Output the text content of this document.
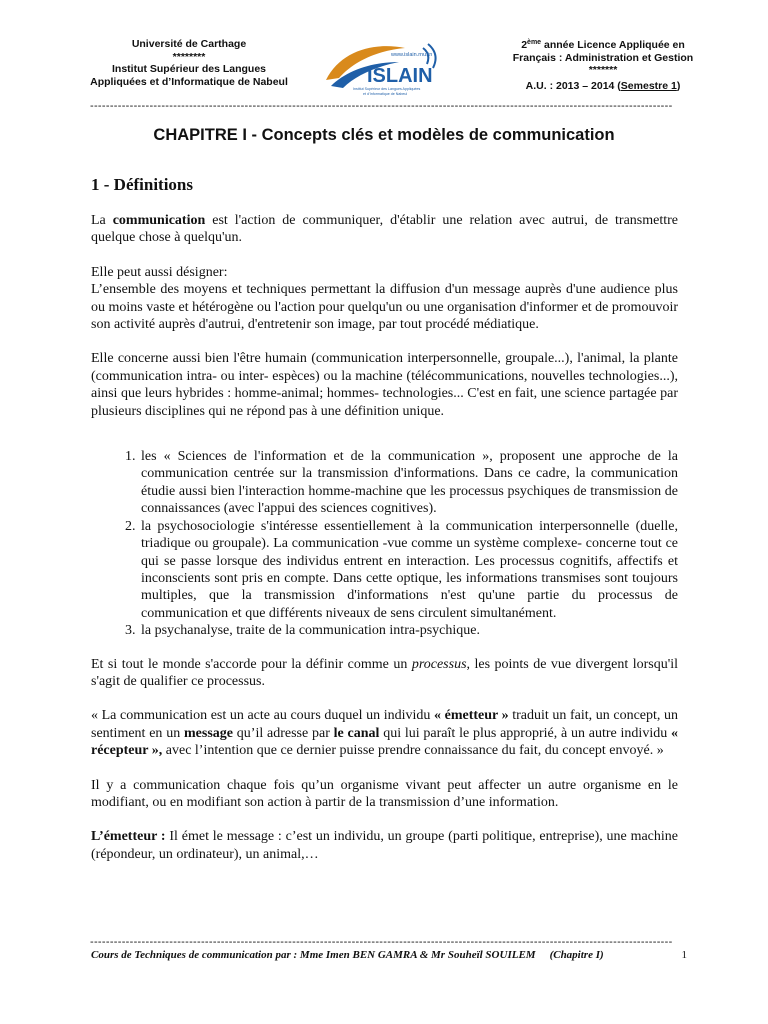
Université de Carthage
********
Institut Supérieur des Langues
Appliquées et d’Informatique de Nabeul
www.islain.rnu.tn
ISLAIN
Institut Supérieur des Langues Appliquées
et d’Informatique de Nabeul
2ème année Licence Appliquée en
Français : Administration et Gestion
*******
A.U. : 2013 – 2014 (Semestre 1)
---------------------------------------------------------------------------------------------------------------------------------------------------
CHAPITRE I - Concepts clés et modèles de communication
1 - Définitions

La communication est l'action de communiquer, d'établir une relation avec autrui, de transmettre quelque chose à quelqu'un.

Elle peut aussi désigner:
L’ensemble des moyens et techniques permettant la diffusion d'un message auprès d'une audience plus ou moins vaste et hétérogène ou l'action pour quelqu'un ou une organisation d'informer et de promouvoir son activité auprès d'autrui, d'entretenir son image, par tout procédé médiatique.

Elle concerne aussi bien l'être humain (communication interpersonnelle, groupale...), l'animal, la plante (communication intra- ou inter- espèces) ou la machine (télécommunications, nouvelles technologies...), ainsi que leurs hybrides : homme-animal; hommes- technologies... C'est en fait, une science partagée par plusieurs disciplines qui ne répond pas à une définition unique.

1. les « Sciences de l'information et de la communication », proposent une approche de la communication centrée sur la transmission d'informations. Dans ce cadre, la communication étudie aussi bien l'interaction homme-machine que les processus psychiques de transmission de connaissances (avec l'appui des sciences cognitives).
2. la psychosociologie s'intéresse essentiellement à la communication interpersonnelle (duelle, triadique ou groupale). La communication -vue comme un système complexe- concerne tout ce qui se passe lorsque des individus entrent en interaction. Les processus cognitifs, affectifs et inconscients sont pris en compte. Dans cette optique, les informations transmises sont toujours multiples, que la transmission d'informations n'est qu'une partie du processus de communication et que différents niveaux de sens circulent simultanément.
3. la psychanalyse, traite de la communication intra-psychique.

Et si tout le monde s'accorde pour la définir comme un processus, les points de vue divergent lorsqu'il s'agit de qualifier ce processus.

« La communication est un acte au cours duquel un individu « émetteur » traduit un fait, un concept, un sentiment en un message qu’il adresse par le canal qui lui paraît le plus approprié, à un autre individu « récepteur », avec l’intention que ce dernier puisse prendre connaissance du fait, du concept envoyé. »

Il y a communication chaque fois qu’un organisme vivant peut affecter un autre organisme en le modifiant, ou en modifiant son action à partir de la transmission d’une information.

L’émetteur : Il émet le message : c’est un individu, un groupe (parti politique, entreprise), une machine (répondeur, un ordinateur), un animal,…

---------------------------------------------------------------------------------------------------------------------------------------------------
Cours de Techniques de communication par : Mme Imen BEN GAMRA & Mr Souheïl SOUILEM (Chapitre I)	1
